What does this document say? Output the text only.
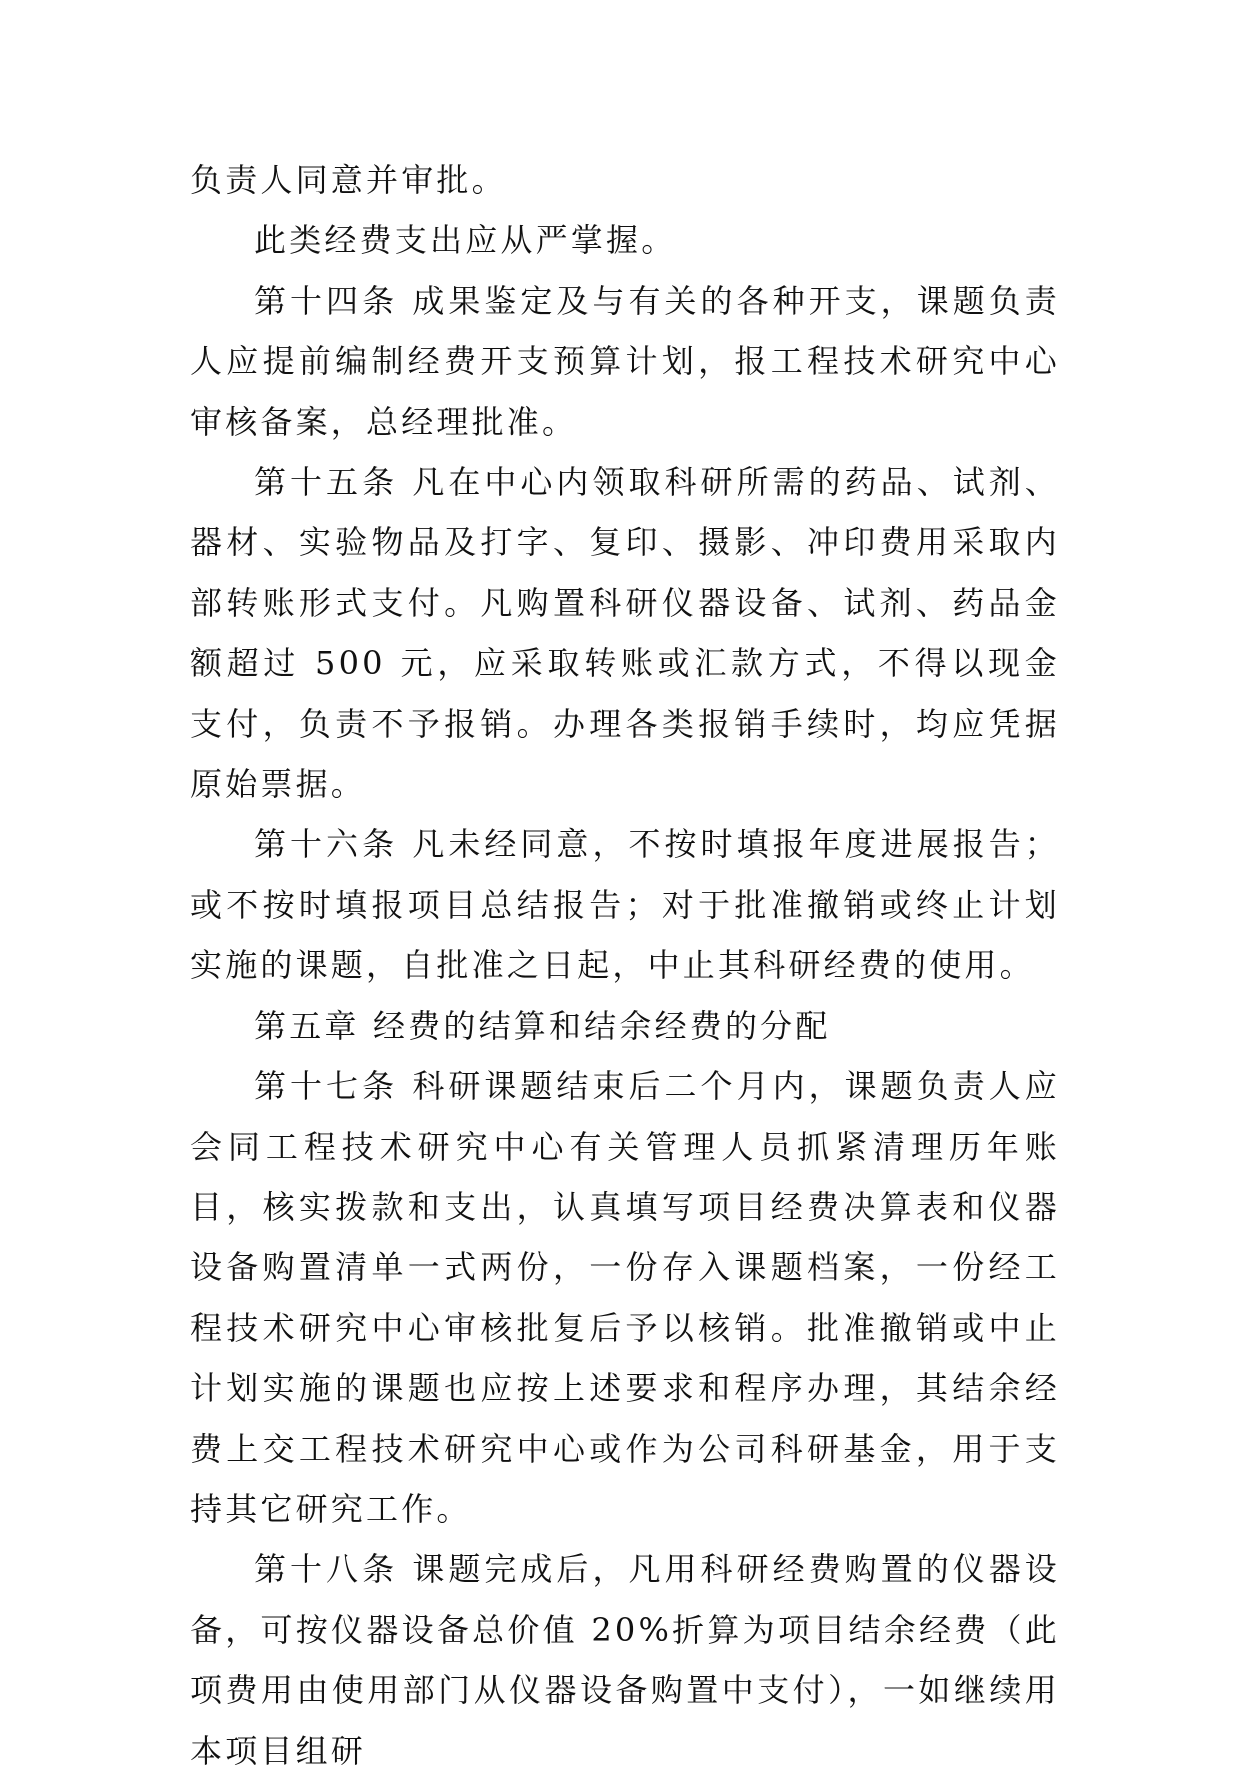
负责人同意并审批。

此类经费支出应从严掌握。

第十四条 成果鉴定及与有关的各种开支，课题负责人应提前编制经费开支预算计划，报工程技术研究中心审核备案，总经理批准。

第十五条 凡在中心内领取科研所需的药品、试剂、器材、实验物品及打字、复印、摄影、冲印费用采取内部转账形式支付。凡购置科研仪器设备、试剂、药品金额超过 500 元，应采取转账或汇款方式，不得以现金支付，负责不予报销。办理各类报销手续时，均应凭据原始票据。

第十六条 凡未经同意，不按时填报年度进展报告；或不按时填报项目总结报告；对于批准撤销或终止计划实施的课题，自批准之日起，中止其科研经费的使用。

第五章 经费的结算和结余经费的分配

第十七条 科研课题结束后二个月内，课题负责人应会同工程技术研究中心有关管理人员抓紧清理历年账目，核实拨款和支出，认真填写项目经费决算表和仪器设备购置清单一式两份，一份存入课题档案，一份经工程技术研究中心审核批复后予以核销。批准撤销或中止计划实施的课题也应按上述要求和程序办理，其结余经费上交工程技术研究中心或作为公司科研基金，用于支持其它研究工作。

第十八条 课题完成后，凡用科研经费购置的仪器设备，可按仪器设备总价值 20%折算为项目结余经费（此项费用由使用部门从仪器设备购置中支付），一如继续用本项目组研
